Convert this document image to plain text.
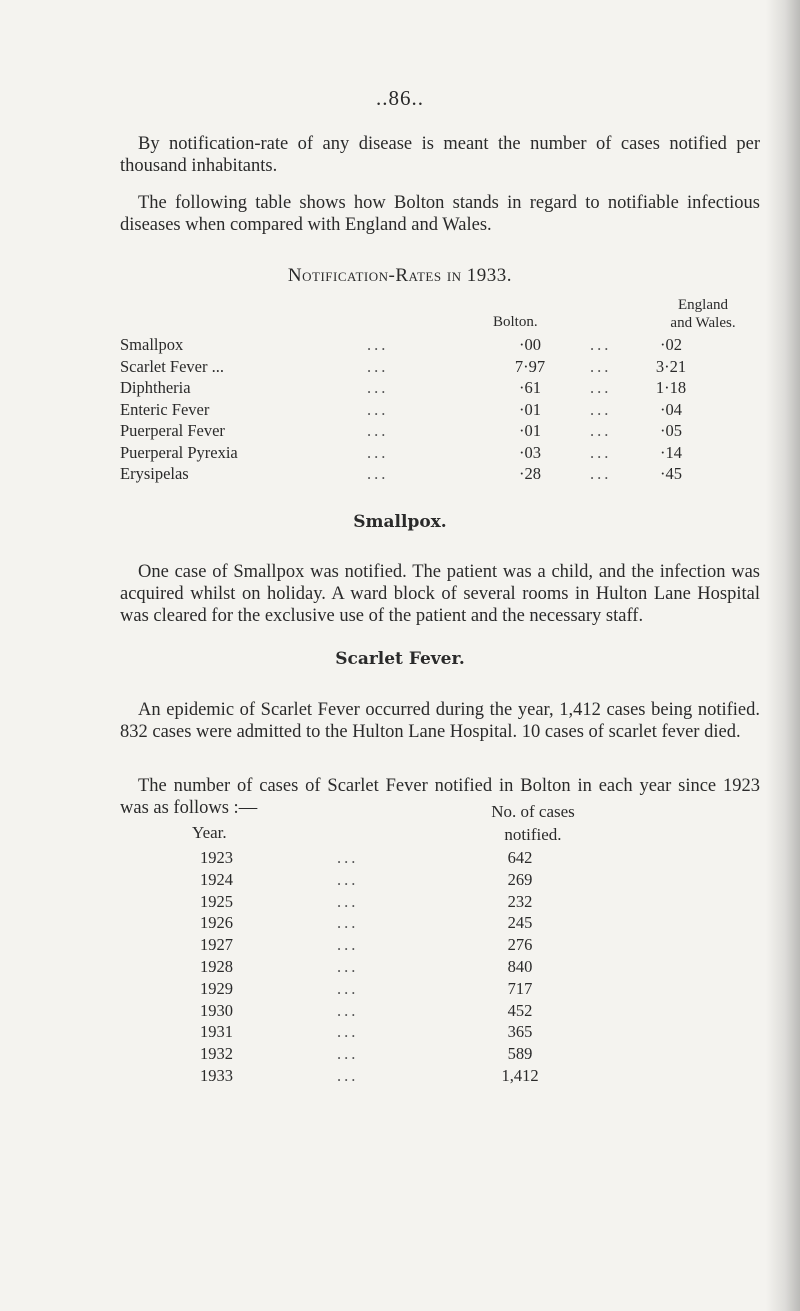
..86..

By notification-rate of any disease is meant the number of cases notified per thousand inhabitants.

The following table shows how Bolton stands in regard to notifiable infectious diseases when compared with England and Wales.

Notification-Rates in 1933.
Bolton.
England
and Wales.
Smallpox	...	·00	...	·02
Scarlet Fever ...	...	7·97	...	3·21
Diphtheria	...	·61	...	1·18
Enteric Fever	...	·01	...	·04
Puerperal Fever	...	·01	...	·05
Puerperal Pyrexia	...	·03	...	·14
Erysipelas	...	·28	...	·45
Smallpox.

One case of Smallpox was notified. The patient was a child, and the infection was acquired whilst on holiday. A ward block of several rooms in Hulton Lane Hospital was cleared for the exclusive use of the patient and the necessary staff.

Scarlet Fever.

An epidemic of Scarlet Fever occurred during the year, 1,412 cases being notified. 832 cases were admitted to the Hulton Lane Hospital. 10 cases of scarlet fever died.

The number of cases of Scarlet Fever notified in Bolton in each year since 1923 was as follows :—

Year.
No. of cases
notified.
1923	...	642
1924	...	269
1925	...	232
1926	...	245
1927	...	276
1928	...	840
1929	...	717
1930	...	452
1931	...	365
1932	...	589
1933	...	1,412
